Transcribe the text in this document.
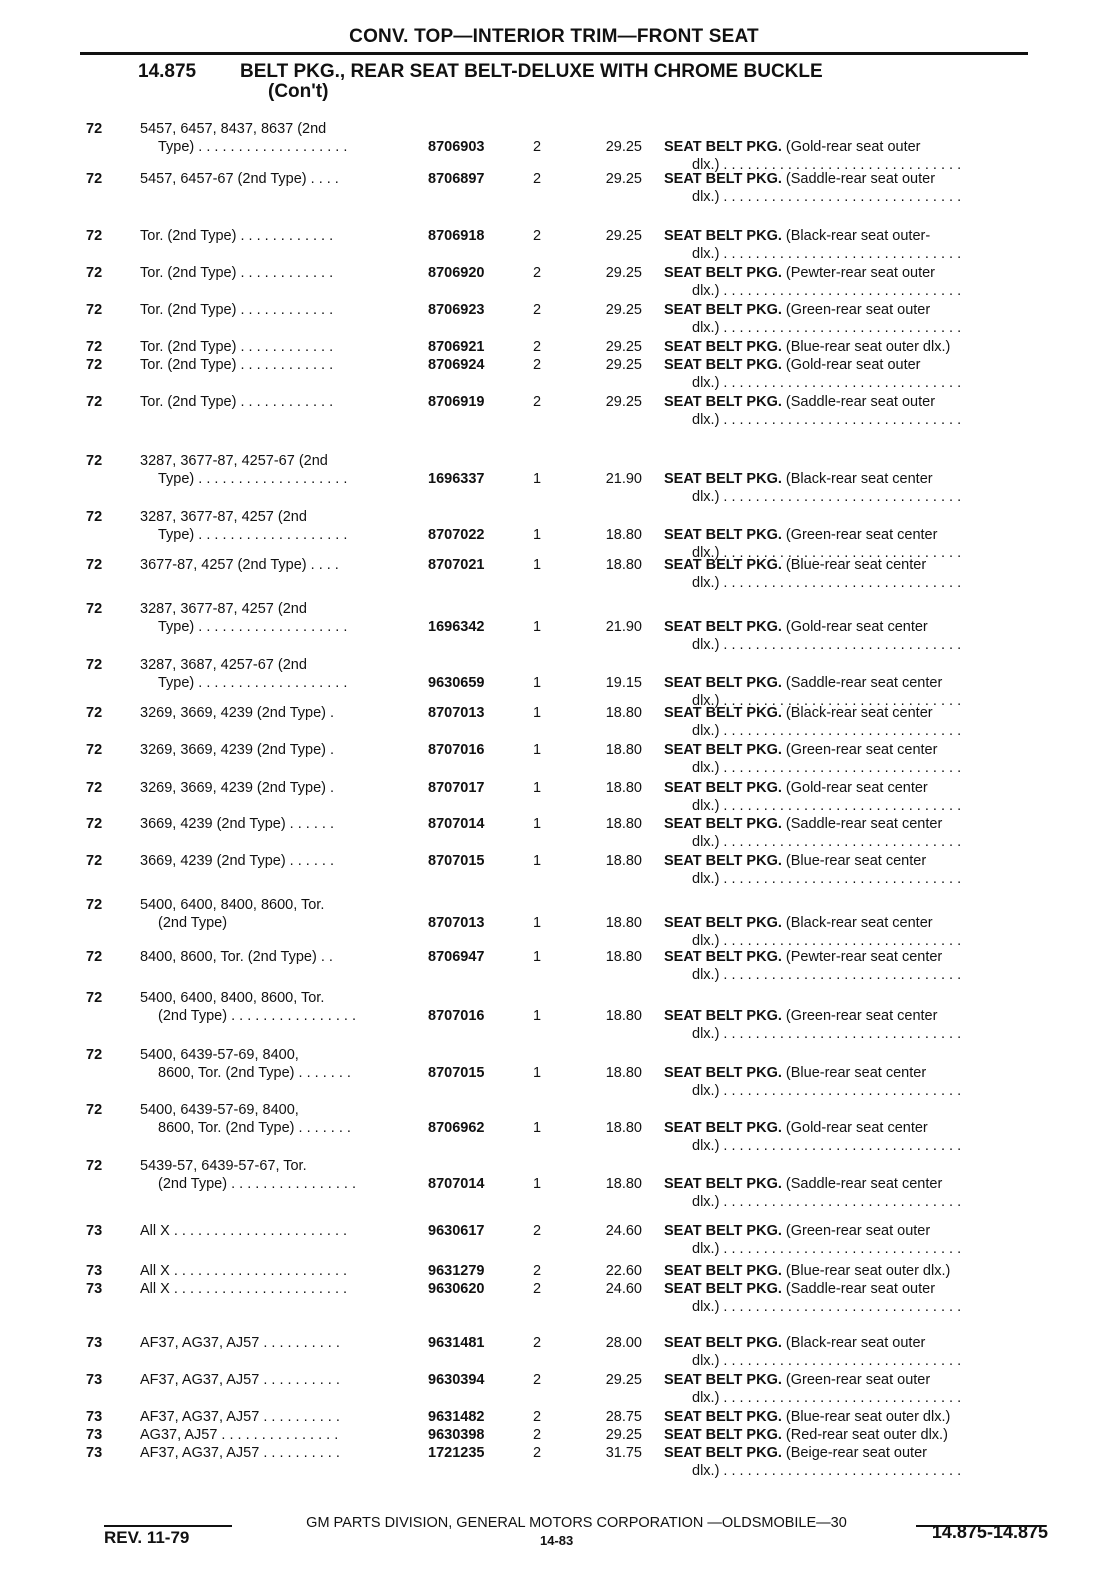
CONV. TOP—INTERIOR TRIM—FRONT SEAT
14.875 BELT PKG., REAR SEAT BELT-DELUXE WITH CHROME BUCKLE
(Con't)
72	5457, 6457, 8437, 8637 (2nd
Type) . . . . . . . . . . . . . . . . . . .	8706903	2	29.25 SEAT BELT PKG. (Gold-rear seat outer
dlx.) . . . . . . . . . . . . . . . . . . . . . . . . . . . . . .
72	5457, 6457-67 (2nd Type) . . . .	8706897	2	29.25 SEAT BELT PKG. (Saddle-rear seat outer
dlx.) . . . . . . . . . . . . . . . . . . . . . . . . . . . . . .
72	Tor. (2nd Type) . . . . . . . . . . . .	8706918	2	29.25 SEAT BELT PKG. (Black-rear seat outer-
dlx.) . . . . . . . . . . . . . . . . . . . . . . . . . . . . . .
72	Tor. (2nd Type) . . . . . . . . . . . .	8706920	2	29.25 SEAT BELT PKG. (Pewter-rear seat outer
dlx.) . . . . . . . . . . . . . . . . . . . . . . . . . . . . . .
72	Tor. (2nd Type) . . . . . . . . . . . .	8706923	2	29.25 SEAT BELT PKG. (Green-rear seat outer
dlx.) . . . . . . . . . . . . . . . . . . . . . . . . . . . . . .
72	Tor. (2nd Type) . . . . . . . . . . . .	8706921	2	29.25 SEAT BELT PKG. (Blue-rear seat outer dlx.)
72	Tor. (2nd Type) . . . . . . . . . . . .	8706924	2	29.25 SEAT BELT PKG. (Gold-rear seat outer
dlx.) . . . . . . . . . . . . . . . . . . . . . . . . . . . . . .
72	Tor. (2nd Type) . . . . . . . . . . . .	8706919	2	29.25 SEAT BELT PKG. (Saddle-rear seat outer
dlx.) . . . . . . . . . . . . . . . . . . . . . . . . . . . . . .
72	3287, 3677-87, 4257-67 (2nd
Type) . . . . . . . . . . . . . . . . . . .	1696337	1	21.90 SEAT BELT PKG. (Black-rear seat center
dlx.) . . . . . . . . . . . . . . . . . . . . . . . . . . . . . .
72	3287, 3677-87, 4257 (2nd
Type) . . . . . . . . . . . . . . . . . . .	8707022	1	18.80 SEAT BELT PKG. (Green-rear seat center
dlx.) . . . . . . . . . . . . . . . . . . . . . . . . . . . . . .
72	3677-87, 4257 (2nd Type) . . . .	8707021	1	18.80 SEAT BELT PKG. (Blue-rear seat center
dlx.) . . . . . . . . . . . . . . . . . . . . . . . . . . . . . .
72	3287, 3677-87, 4257 (2nd
Type) . . . . . . . . . . . . . . . . . . .	1696342	1	21.90 SEAT BELT PKG. (Gold-rear seat center
dlx.) . . . . . . . . . . . . . . . . . . . . . . . . . . . . . .
72	3287, 3687, 4257-67 (2nd
Type) . . . . . . . . . . . . . . . . . . .	9630659	1	19.15 SEAT BELT PKG. (Saddle-rear seat center
dlx.) . . . . . . . . . . . . . . . . . . . . . . . . . . . . . .
72	3269, 3669, 4239 (2nd Type) .	8707013	1	18.80 SEAT BELT PKG. (Black-rear seat center
dlx.) . . . . . . . . . . . . . . . . . . . . . . . . . . . . . .
72	3269, 3669, 4239 (2nd Type) .	8707016	1	18.80 SEAT BELT PKG. (Green-rear seat center
dlx.) . . . . . . . . . . . . . . . . . . . . . . . . . . . . . .
72	3269, 3669, 4239 (2nd Type) .	8707017	1	18.80 SEAT BELT PKG. (Gold-rear seat center
dlx.) . . . . . . . . . . . . . . . . . . . . . . . . . . . . . .
72	3669, 4239 (2nd Type) . . . . . .	8707014	1	18.80 SEAT BELT PKG. (Saddle-rear seat center
dlx.) . . . . . . . . . . . . . . . . . . . . . . . . . . . . . .
72	3669, 4239 (2nd Type) . . . . . .	8707015	1	18.80 SEAT BELT PKG. (Blue-rear seat center
dlx.) . . . . . . . . . . . . . . . . . . . . . . . . . . . . . .
72	5400, 6400, 8400, 8600, Tor.
(2nd Type)	8707013	1	18.80 SEAT BELT PKG. (Black-rear seat center
dlx.) . . . . . . . . . . . . . . . . . . . . . . . . . . . . . .
72	8400, 8600, Tor. (2nd Type) . .	8706947	1	18.80 SEAT BELT PKG. (Pewter-rear seat center
dlx.) . . . . . . . . . . . . . . . . . . . . . . . . . . . . . .
72	5400, 6400, 8400, 8600, Tor.
(2nd Type) . . . . . . . . . . . . . . . .	8707016	1	18.80 SEAT BELT PKG. (Green-rear seat center
dlx.) . . . . . . . . . . . . . . . . . . . . . . . . . . . . . .
72	5400, 6439-57-69, 8400,
8600, Tor. (2nd Type) . . . . . . .	8707015	1	18.80 SEAT BELT PKG. (Blue-rear seat center
dlx.) . . . . . . . . . . . . . . . . . . . . . . . . . . . . . .
72	5400, 6439-57-69, 8400,
8600, Tor. (2nd Type) . . . . . . .	8706962	1	18.80 SEAT BELT PKG. (Gold-rear seat center
dlx.) . . . . . . . . . . . . . . . . . . . . . . . . . . . . . .
72	5439-57, 6439-57-67, Tor.
(2nd Type) . . . . . . . . . . . . . . . .	8707014	1	18.80 SEAT BELT PKG. (Saddle-rear seat center
dlx.) . . . . . . . . . . . . . . . . . . . . . . . . . . . . . .
73	All X . . . . . . . . . . . . . . . . . . . . . .	9630617	2	24.60 SEAT BELT PKG. (Green-rear seat outer
dlx.) . . . . . . . . . . . . . . . . . . . . . . . . . . . . . .
73	All X . . . . . . . . . . . . . . . . . . . . . .	9631279	2	22.60 SEAT BELT PKG. (Blue-rear seat outer dlx.)
73	All X . . . . . . . . . . . . . . . . . . . . . .	9630620	2	24.60 SEAT BELT PKG. (Saddle-rear seat outer
dlx.) . . . . . . . . . . . . . . . . . . . . . . . . . . . . . .
73	AF37, AG37, AJ57 . . . . . . . . . .	9631481	2	28.00 SEAT BELT PKG. (Black-rear seat outer
dlx.) . . . . . . . . . . . . . . . . . . . . . . . . . . . . . .
73	AF37, AG37, AJ57 . . . . . . . . . .	9630394	2	29.25 SEAT BELT PKG. (Green-rear seat outer
dlx.) . . . . . . . . . . . . . . . . . . . . . . . . . . . . . .
73	AF37, AG37, AJ57 . . . . . . . . . .	9631482	2	28.75 SEAT BELT PKG. (Blue-rear seat outer dlx.)
73	AG37, AJ57 . . . . . . . . . . . . . . .	9630398	2	29.25 SEAT BELT PKG. (Red-rear seat outer dlx.)
73	AF37, AG37, AJ57 . . . . . . . . . .	1721235	2	31.75 SEAT BELT PKG. (Beige-rear seat outer
dlx.) . . . . . . . . . . . . . . . . . . . . . . . . . . . . . .
GM PARTS DIVISION, GENERAL MOTORS CORPORATION —OLDSMOBILE—30
REV. 11-79	14-83	14.875-14.875
